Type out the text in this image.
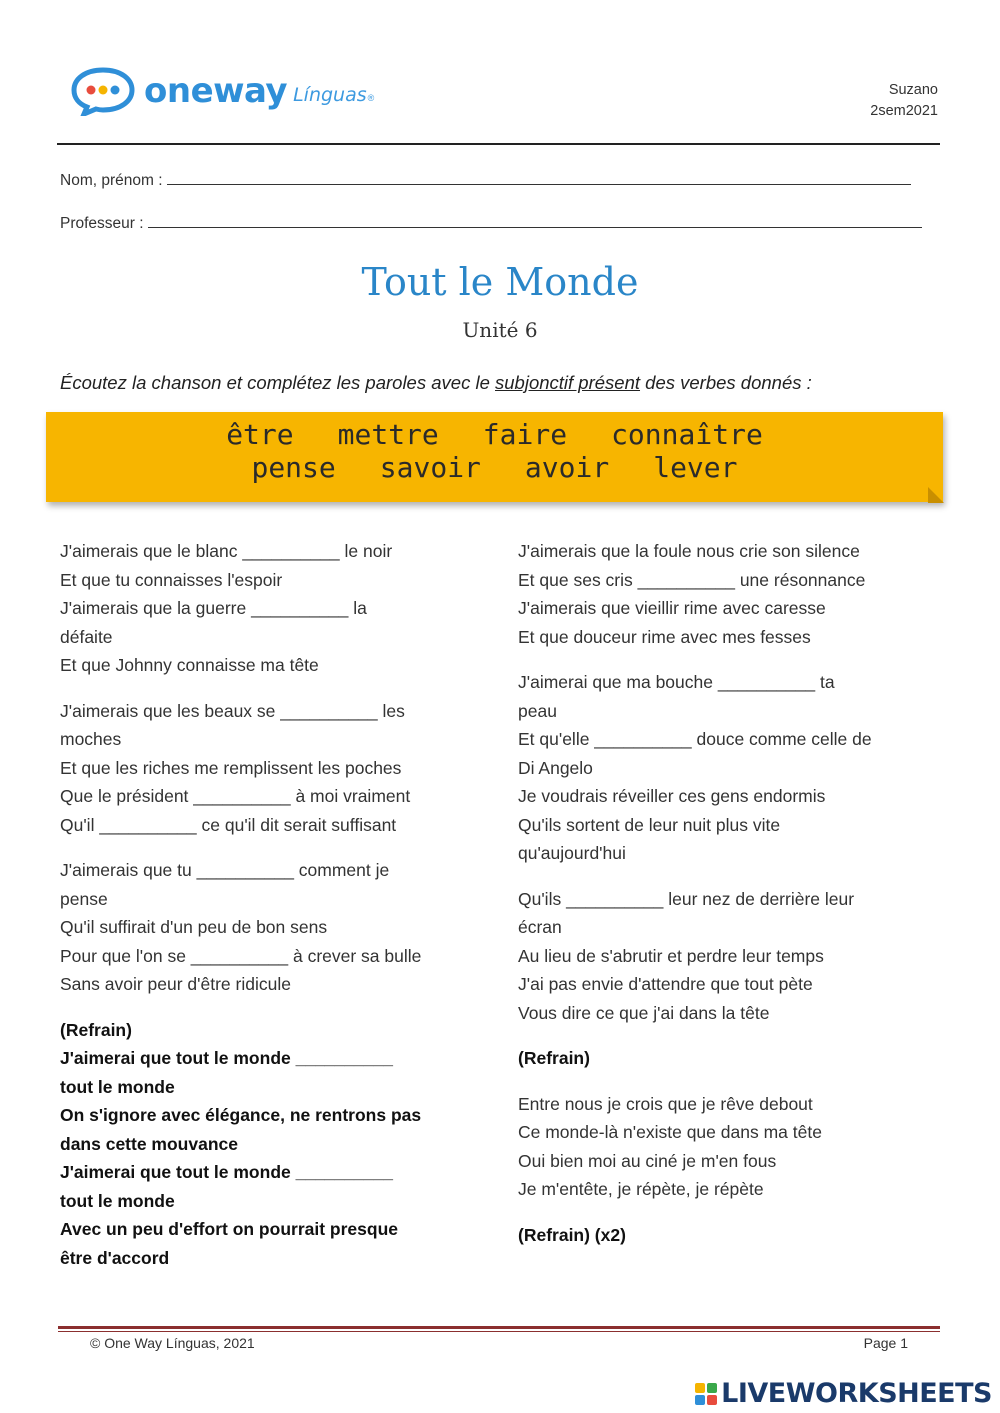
oneway Línguas ®	Suzano
2sem2021
Nom, prénom :
Professeur :
Tout le Monde
Unité 6
Écoutez la chanson et complétez les paroles avec le subjonctif présent des verbes donnés :
être mettre faire connaître
pense savoir avoir lever

J'aimerais que le blanc __________ le noir
Et que tu connaisses l'espoir
J'aimerais que la guerre __________ la
défaite
Et que Johnny connaisse ma tête

J'aimerais que les beaux se __________ les
moches
Et que les riches me remplissent les poches
Que le président __________ à moi vraiment
Qu'il __________ ce qu'il dit serait suffisant

J'aimerais que tu __________ comment je
pense
Qu'il suffirait d'un peu de bon sens
Pour que l'on se __________ à crever sa bulle
Sans avoir peur d'être ridicule

(Refrain)
J'aimerai que tout le monde __________
tout le monde
On s'ignore avec élégance, ne rentrons pas
dans cette mouvance
J'aimerai que tout le monde __________
tout le monde
Avec un peu d'effort on pourrait presque
être d'accord

J'aimerais que la foule nous crie son silence
Et que ses cris __________ une résonnance
J'aimerais que vieillir rime avec caresse
Et que douceur rime avec mes fesses

J'aimerai que ma bouche __________ ta
peau
Et qu'elle __________ douce comme celle de
Di Angelo
Je voudrais réveiller ces gens endormis
Qu'ils sortent de leur nuit plus vite
qu'aujourd'hui

Qu'ils __________ leur nez de derrière leur
écran
Au lieu de s'abrutir et perdre leur temps
J'ai pas envie d'attendre que tout pète
Vous dire ce que j'ai dans la tête

(Refrain)

Entre nous je crois que je rêve debout
Ce monde-là n'existe que dans ma tête
Oui bien moi au ciné je m'en fous
Je m'entête, je répète, je répète

(Refrain) (x2)

© One Way Línguas, 2021	Page 1
LIVEWORKSHEETS
